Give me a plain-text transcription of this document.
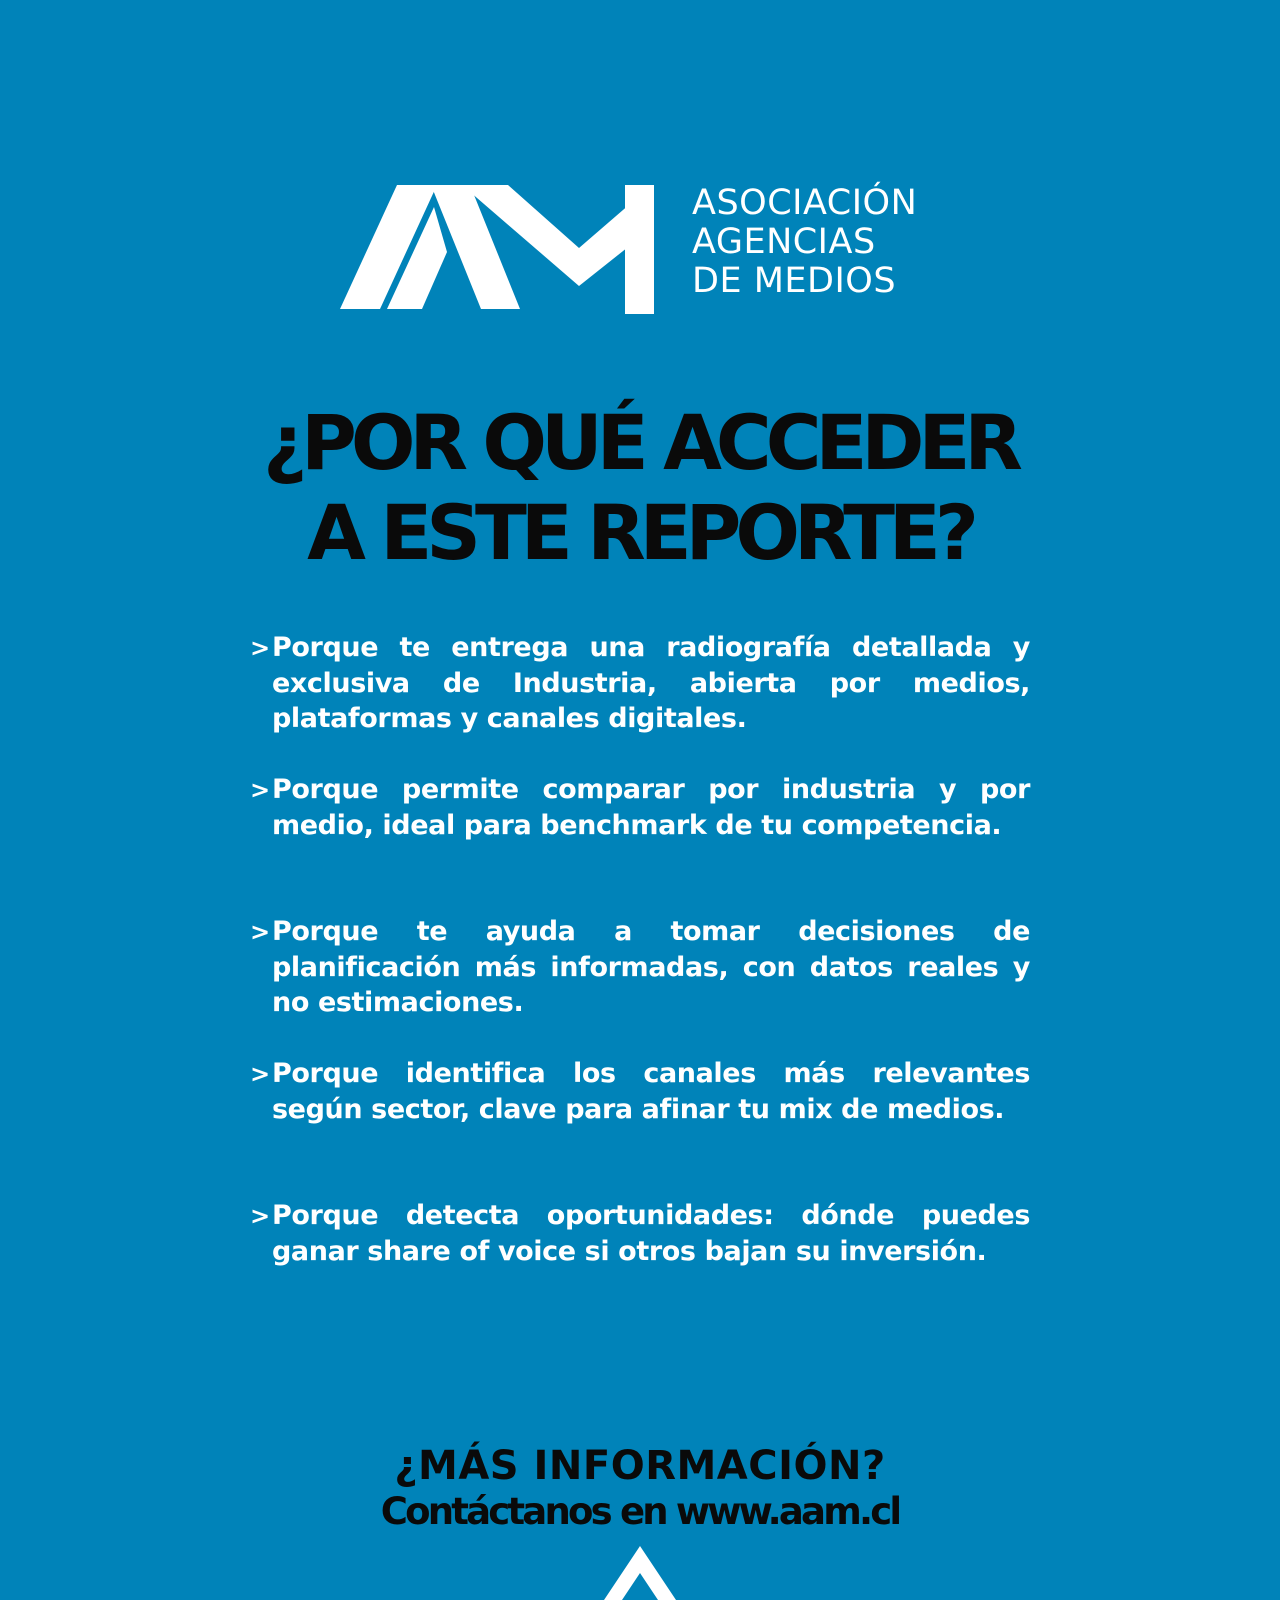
ASOCIACIÓN
AGENCIAS
DE MEDIOS
¿POR QUÉ ACCEDER
A ESTE REPORTE?
> Porque te entrega una radiografía detallada y exclusiva de Industria, abierta por medios, plataformas y canales digitales.
> Porque permite comparar por industria y por medio, ideal para benchmark de tu competencia.
> Porque te ayuda a tomar decisiones de planificación más informadas, con datos reales y no estimaciones.
> Porque identifica los canales más relevantes según sector, clave para afinar tu mix de medios.
> Porque detecta oportunidades: dónde puedes ganar share of voice si otros bajan su inversión.
¿MÁS INFORMACIÓN?
Contáctanos en www.aam.cl
